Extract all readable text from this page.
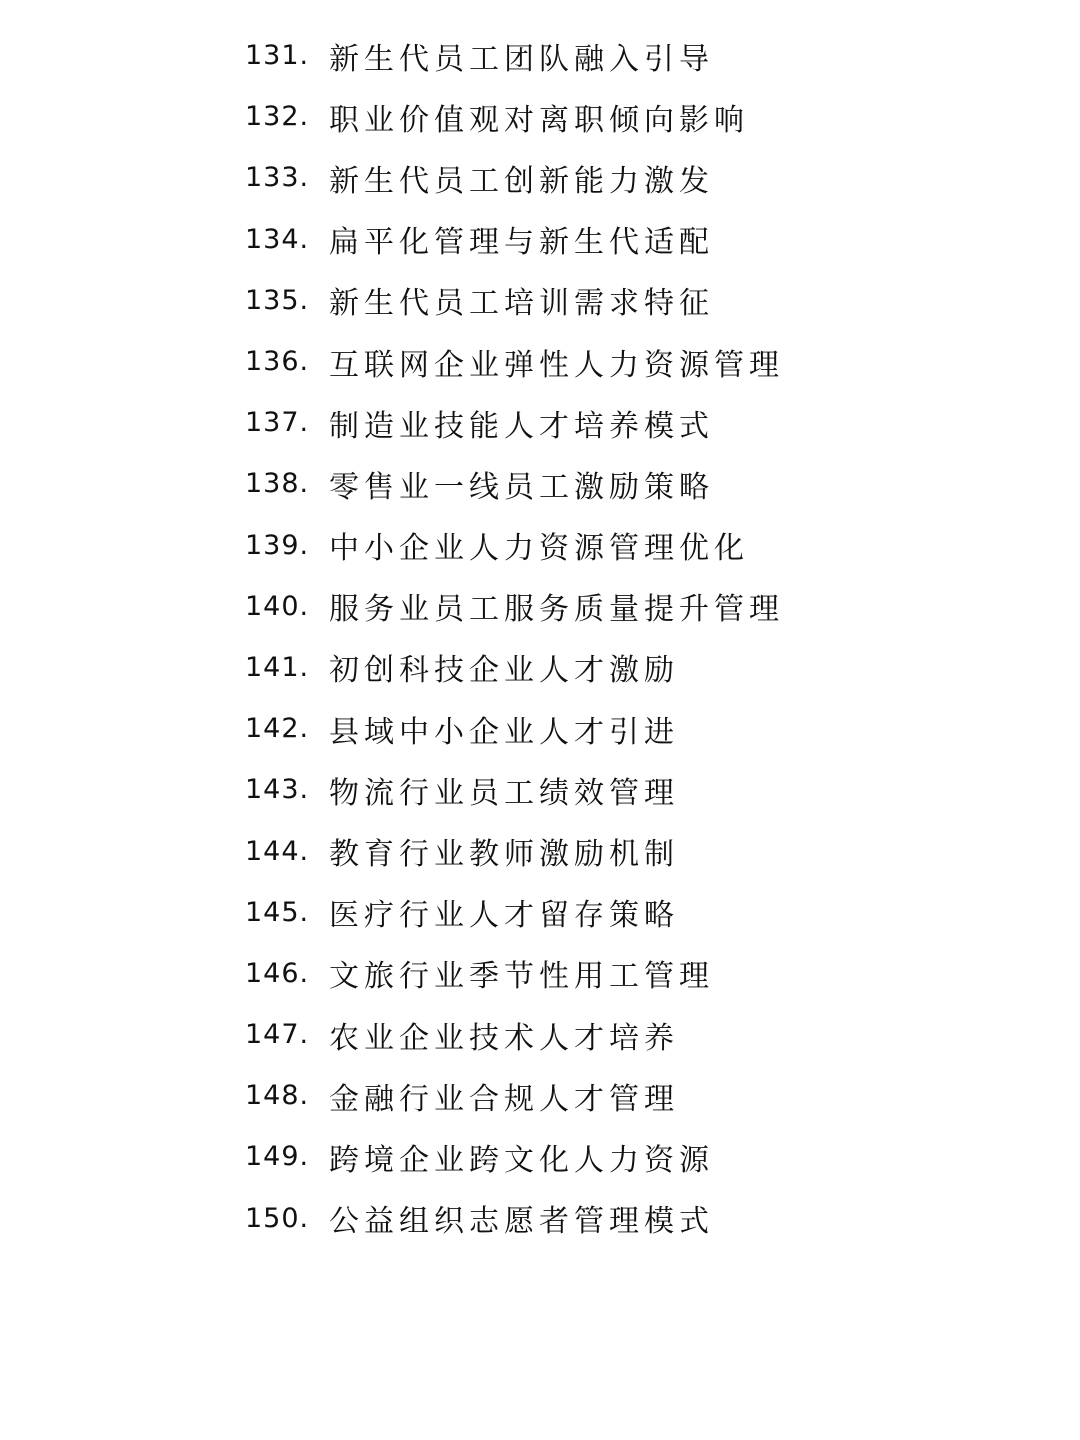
131. 新生代员工团队融入引导
132. 职业价值观对离职倾向影响
133. 新生代员工创新能力激发
134. 扁平化管理与新生代适配
135. 新生代员工培训需求特征
136. 互联网企业弹性人力资源管理
137. 制造业技能人才培养模式
138. 零售业一线员工激励策略
139. 中小企业人力资源管理优化
140. 服务业员工服务质量提升管理
141. 初创科技企业人才激励
142. 县域中小企业人才引进
143. 物流行业员工绩效管理
144. 教育行业教师激励机制
145. 医疗行业人才留存策略
146. 文旅行业季节性用工管理
147. 农业企业技术人才培养
148. 金融行业合规人才管理
149. 跨境企业跨文化人力资源
150. 公益组织志愿者管理模式
